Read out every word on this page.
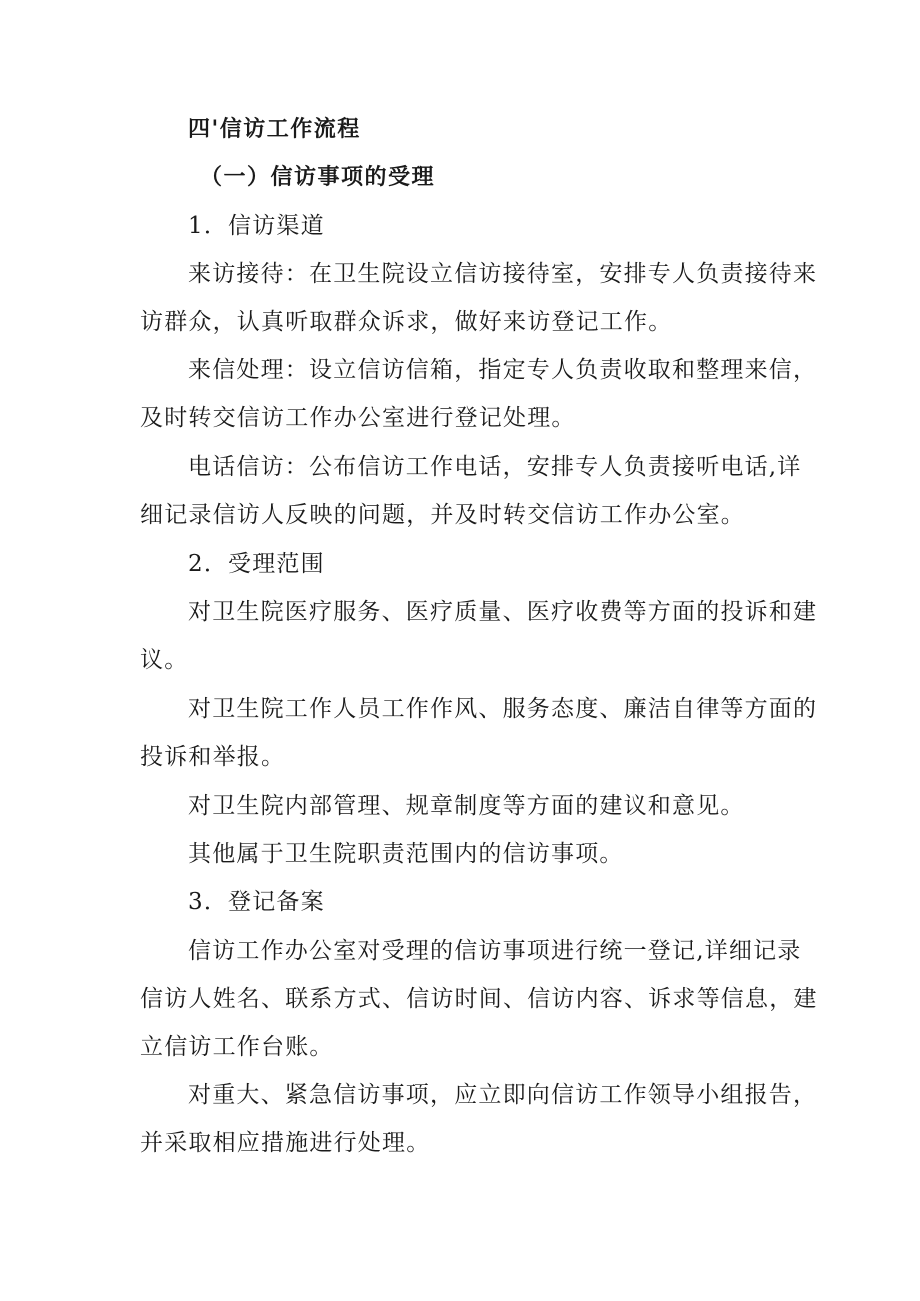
四'信访工作流程
（一）信访事项的受理
1．信访渠道
来访接待：在卫生院设立信访接待室，安排专人负责接待来
访群众，认真听取群众诉求，做好来访登记工作。
来信处理：设立信访信箱，指定专人负责收取和整理来信，
及时转交信访工作办公室进行登记处理。
电话信访：公布信访工作电话，安排专人负责接听电话,详
细记录信访人反映的问题，并及时转交信访工作办公室。
2．受理范围
对卫生院医疗服务、医疗质量、医疗收费等方面的投诉和建
议。
对卫生院工作人员工作作风、服务态度、廉洁自律等方面的
投诉和举报。
对卫生院内部管理、规章制度等方面的建议和意见。
其他属于卫生院职责范围内的信访事项。
3．登记备案
信访工作办公室对受理的信访事项进行统一登记,详细记录
信访人姓名、联系方式、信访时间、信访内容、诉求等信息，建
立信访工作台账。
对重大、紧急信访事项，应立即向信访工作领导小组报告，
并采取相应措施进行处理。
